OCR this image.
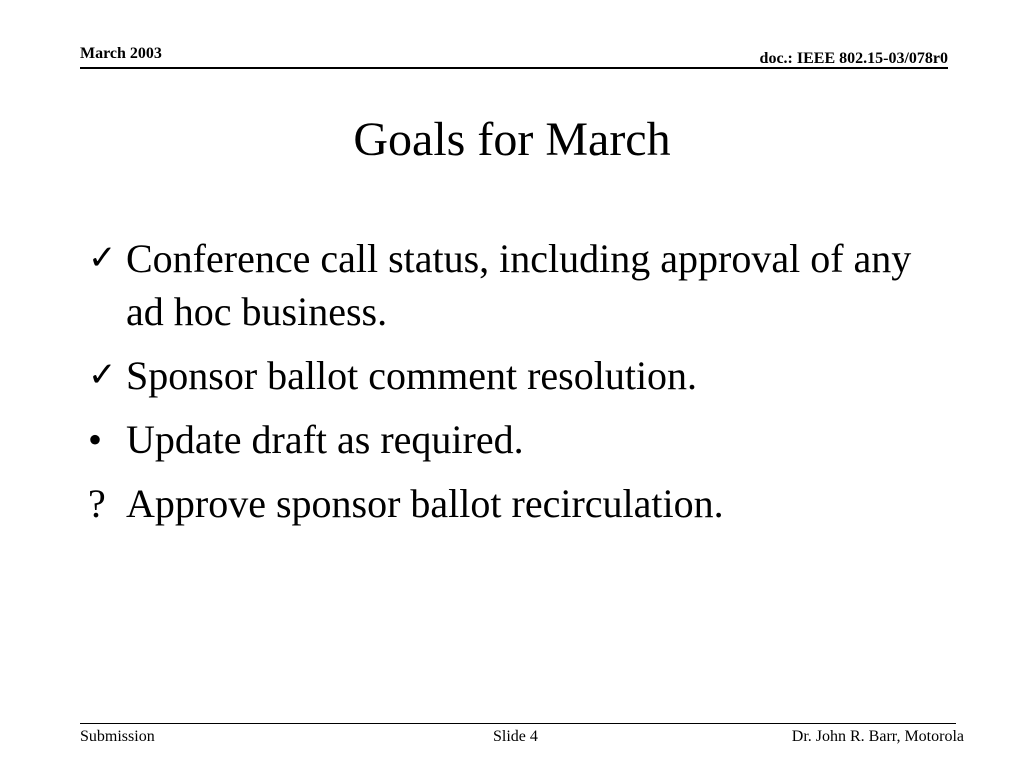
March 2003	doc.: IEEE 802.15-03/078r0
Goals for March
✓ Conference call status, including approval of any ad hoc business.
✓ Sponsor ballot comment resolution.
• Update draft as required.
? Approve sponsor ballot recirculation.
Submission	Slide 4	Dr. John R. Barr, Motorola
